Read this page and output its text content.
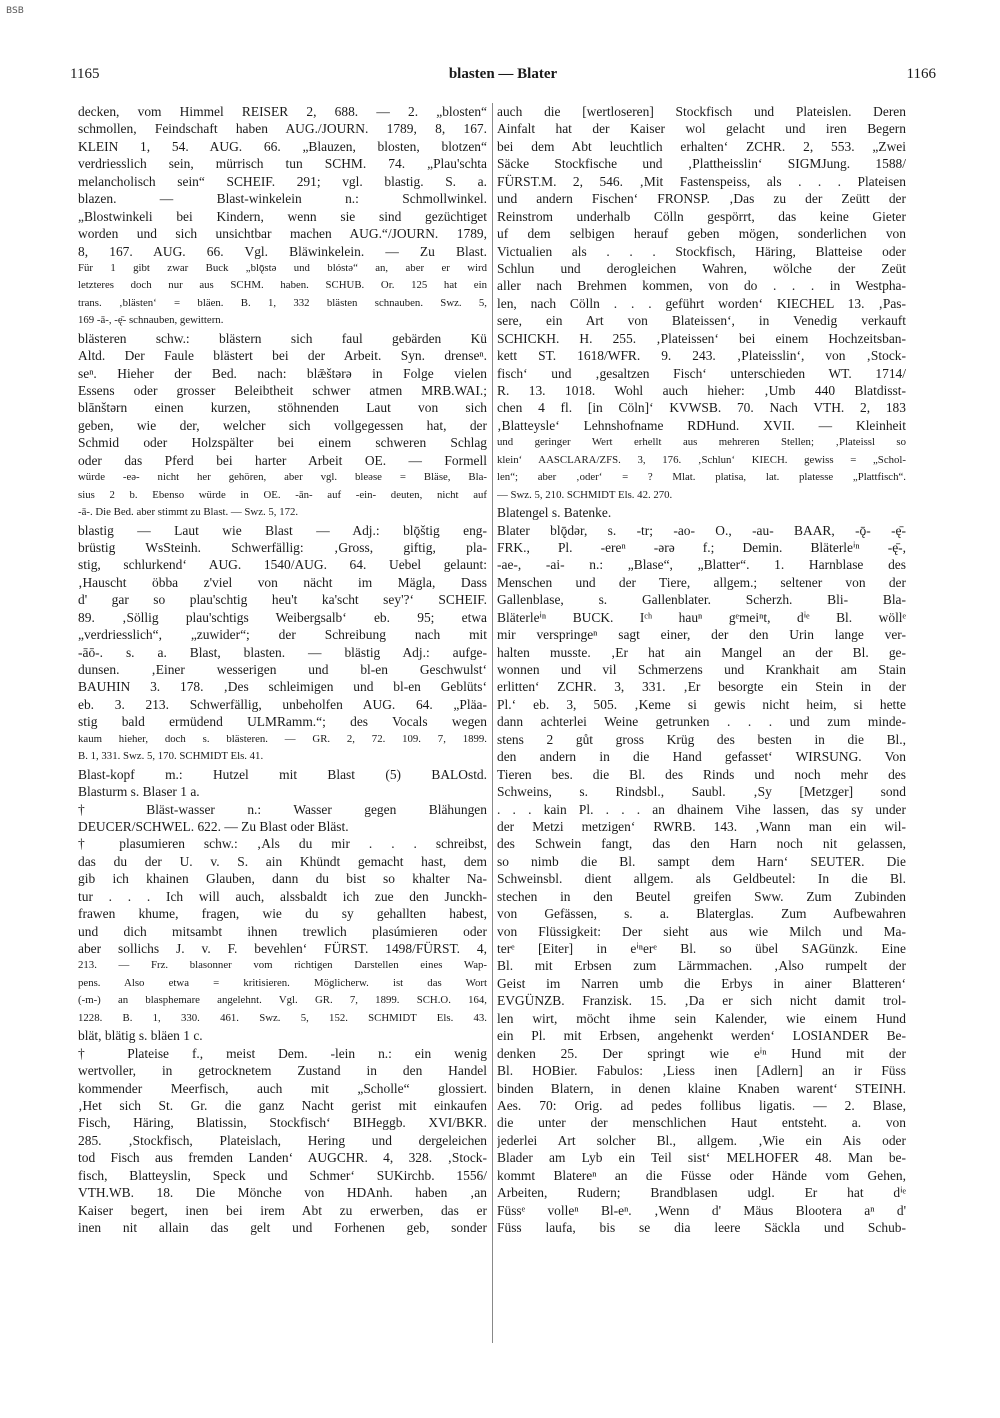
BSB
1165	blasten — Blater	1166
decken, vom Himmel REISER 2, 688. — 2. „blosten“
schmollen, Feindschaft haben AUG./JOURN. 1789, 8, 167.
KLEIN 1, 54. AUG. 66. „Blauzen, blosten, blotzen“
verdriesslich sein, mürrisch tun SCHM. 74. „Plau'schta
melancholisch sein“ SCHEIF. 291; vgl. blastig. S. a.
blazen. — Blast-winkelein n.: Schmollwinkel.
„Blostwinkeli bei Kindern, wenn sie sind gezüchtiget
worden und sich unsichtbar machen AUG.“/JOURN. 1789,
8, 167. AUG. 66. Vgl. Bläwinkelein. — Zu Blast.
Für 1 gibt zwar Buck „blǭstə und blóstə“ an, aber er wird
letzteres doch nur aus SCHM. haben. SCHUB. Or. 125 hat ein
trans. ‚blästen‘ = bläen. B. 1, 332 blästen schnauben. Swz. 5,
169 -ā-, -ę̄- schnauben, gewittern.
blästeren schw.: blästern sich faul gebärden Kü
Altd. Der Faule blästert bei der Arbeit. Syn. drenseⁿ.
seⁿ. Hieher der Bed. nach: blǣštərə in Folge vielen
Essens oder grosser Beleibtheit schwer atmen MRB.WAI.;
blānštərn einen kurzen, stöhnenden Laut von sich
geben, wie der, welcher sich vollgegessen hat, der
Schmid oder Holzspälter bei einem schweren Schlag
oder das Pferd bei harter Arbeit OE. — Formell
würde -eə- nicht her gehören, aber vgl. bleəse = Bläse, Bla-
sius 2 b. Ebenso würde in OE. -ān- auf -ein- deuten, nicht auf
-ā-. Die Bed. aber stimmt zu Blast. — Swz. 5, 172.
blastig — Laut wie Blast — Adj.: blǭštig eng-
brüstig WsSteinh. Schwerfällig: ‚Gross, giftig, pla-
stig, schlurkend‘ AUG. 1540/AUG. 64. Uebel gelaunt:
‚Hauscht öbba z'viel von nächt im Mägla, Dass
d' gar so plau'schtig heu't ka'scht sey'?‘ SCHEIF.
89. ‚Söllig plau'schtigs Weibergsalb‘ eb. 95; etwa
„verdriesslich“, „zuwider“; der Schreibung nach mit
-āō-. s. a. Blast, blasten. — blästig Adj.: aufge-
dunsen. ‚Einer wesserigen und bl-en Geschwulst‘
BAUHIN 3. 178. ‚Des schleimigen und bl-en Geblüts‘
eb. 3. 213. Schwerfällig, unbeholfen AUG. 64. „Pläa-
stig bald ermüdend ULMRamm.“; des Vocals wegen
kaum hieher, doch s. blästeren. — GR. 2, 72. 109. 7, 1899.
B. 1, 331. Swz. 5, 170. SCHMIDT Els. 41.
Blast-kopf m.: Hutzel mit Blast (5) BALOstd.
Blasturm s. Blaser 1 a.
† Bläst-wasser n.: Wasser gegen Blähungen
DEUCER/SCHWEL. 622. — Zu Blast oder Bläst.
† plasumieren schw.: ‚Als du mir . . . schreibst,
das du der U. v. S. ain Khündt gemacht hast, dem
gib ich khainen Glauben, dann du bist so khalter Na-
tur . . . Ich will auch, alssbaldt ich zue den Junckh-
frawen khume, fragen, wie du sy gehallten habest,
und dich mitsambt ihnen trewlich plasúmieren oder
aber sollichs J. v. F. bevehlen‘ FÜRST. 1498/FÜRST. 4,
213. — Frz. blasonner vom richtigen Darstellen eines Wap-
pens. Also etwa = kritisieren. Möglicherw. ist das Wort
(-m-) an blasphemare angelehnt. Vgl. GR. 7, 1899. SCH.O. 164,
1228. B. 1, 330. 461. Swz. 5, 152. SCHMIDT Els. 43.
blät, blätig s. bläen 1 c.
† Plateise f., meist Dem. -lein n.: ein wenig
wertvoller, in getrocknetem Zustand in den Handel
kommender Meerfisch, auch mit „Scholle“ glossiert.
‚Het sich St. Gr. die ganz Nacht gerist mit einkaufen
Fisch, Häring, Blatissin, Stockfisch‘ BIHeggb. XVI/BKR.
285. ‚Stockfisch, Plateislach, Hering und dergeleichen
tod Fisch aus fremden Landen‘ AUGCHR. 4, 328. ‚Stock-
fisch, Blatteyslin, Speck und Schmer‘ SUKirchb. 1556/
VTH.WB. 18. Die Mönche von HDAnh. haben ‚an
Kaiser begert, inen bei irem Abt zu erwerben, das er
inen nit allain das gelt und Forhenen geb, sonder
auch die [wertloseren] Stockfisch und Plateislen. Deren
Ainfalt hat der Kaiser wol gelacht und iren Begern
bei dem Abt leuchtlich erhalten‘ ZCHR. 2, 553. „Zwei
Säcke Stockfische und ‚Plattheisslin‘ SIGMJung. 1588/
FÜRST.M. 2, 546. ‚Mit Fastenspeiss, als . . . Plateisen
und andern Fischen‘ FRONSP. ‚Das zu der Zeütt der
Reinstrom underhalb Cölln gespörrt, das keine Gieter
uf dem selbigen herauf geben mögen, sonderlichen von
Victualien als . . . Stockfisch, Häring, Blatteise oder
Schlun und derogleichen Wahren, wölche der Zeüt
aller nach Brehmen kommen, von do . . . in Westpha-
len, nach Cölln . . . geführt worden‘ KIECHEL 13. ‚Pas-
sere, ein Art von Blateissen‘, in Venedig verkauft
SCHICKH. H. 255. ‚Plateissen‘ bei einem Hochzeitsban-
kett ST. 1618/WFR. 9. 243. ‚Plateisslin‘, von ‚Stock-
fisch‘ und ‚gesaltzen Fisch‘ unterschieden WT. 1714/
R. 13. 1018. Wohl auch hieher: ‚Umb 440 Blatdisst-
chen 4 fl. [in Cöln]‘ KVWSB. 70. Nach VTH. 2, 183
‚Blatteysle‘ Lehnshofname RDHund. XVII. — Kleinheit
und geringer Wert erhellt aus mehreren Stellen; ‚Plateissl so
klein‘ AASCLARA/ZFS. 3, 176. ‚Schlun‘ KIECH. gewiss = „Schol-
len“; aber ‚oder‘ = ? Mlat. platisa, lat. platesse „Plattfisch“.
— Swz. 5, 210. SCHMIDT Els. 42. 270.
Blatengel s. Batenke.
Blater blǭdər, s. -tr; -ao- O., -au- BAAR, -ǭ- -ę̄-
FRK., Pl. -ereⁿ -ərə f.; Demin. Bläterleⁱⁿ -ę̄-,
-ae-, -ai- n.: „Blase“, „Blatter“. 1. Harnblase des
Menschen und der Tiere, allgem.; seltener von der
Gallenblase, s. Gallenblater. Scherzh. Bli- Bla-
Bläterleⁱⁿ BUCK. Iᶜʰ hauⁿ gᵉmeiⁿt, dⁱᵉ Bl. wöllᵉ
mir verspringeⁿ sagt einer, der den Urin lange ver-
halten musste. ‚Er hat ain Mangel an der Bl. ge-
wonnen und vil Schmerzens und Krankhait am Stain
erlitten‘ ZCHR. 3, 331. ‚Er besorgte ein Stein in der
Pl.‘ eb. 3, 505. ‚Keme si gewis nicht heim, si hette
dann achterlei Weine getrunken . . . und zum minde-
stens 2 gůt gross Krüg des besten in die Bl.,
den andern in die Hand gefasset‘ WIRSUNG. Von
Tieren bes. die Bl. des Rinds und noch mehr des
Schweins, s. Rindsbl., Saubl. ‚Sy [Metzger] sond
. . . kain Pl. . . . an dhainem Vihe lassen, das sy under
der Metzi metzigen‘ RWRB. 143. ‚Wann man ein wil-
des Schwein fangt, das den Harn noch nit gelassen,
so nimb die Bl. sampt dem Harn‘ SEUTER. Die
Schweinsbl. dient allgem. als Geldbeutel: In die Bl.
stechen in den Beutel greifen Sww. Zum Zubinden
von Gefässen, s. a. Blaterglas. Zum Aufbewahren
von Flüssigkeit: Der sieht aus wie Milch und Ma-
terᵉ [Eiter] in eⁱⁿerᵉ Bl. so übel SAGünzk. Eine
Bl. mit Erbsen zum Lärmmachen. ‚Also rumpelt der
Geist im Narren umb die Erbys in ainer Blatteren‘
EVGÜNZB. Franzisk. 15. ‚Da er sich nicht damit trol-
len wirt, möcht ihme sein Kalender, wie einem Hund
ein Pl. mit Erbsen, angehenkt werden‘ LOSIANDER Be-
denken 25. Der springt wie eⁱⁿ Hund mit der
Bl. HOBier. Fabulos: ‚Liess inen [Adlern] an ir Füss
binden Blatern, in denen klaine Knaben warent‘ STEINH.
Aes. 70: Orig. ad pedes follibus ligatis. — 2. Blase,
die unter der menschlichen Haut entsteht. a. von
jederlei Art solcher Bl., allgem. ‚Wie ein Ais oder
Blader am Lyb ein Teil sist‘ MELHOFER 48. Man be-
kommt Blatereⁿ an die Füsse oder Hände vom Gehen,
Arbeiten, Rudern; Brandblasen udgl. Er hat dⁱᵉ
Füssᵉ volleⁿ Bl-eⁿ. ‚Wenn d' Mäus Blootera aⁿ d'
Füss laufa, bis se dia leere Säckla und Schub-
